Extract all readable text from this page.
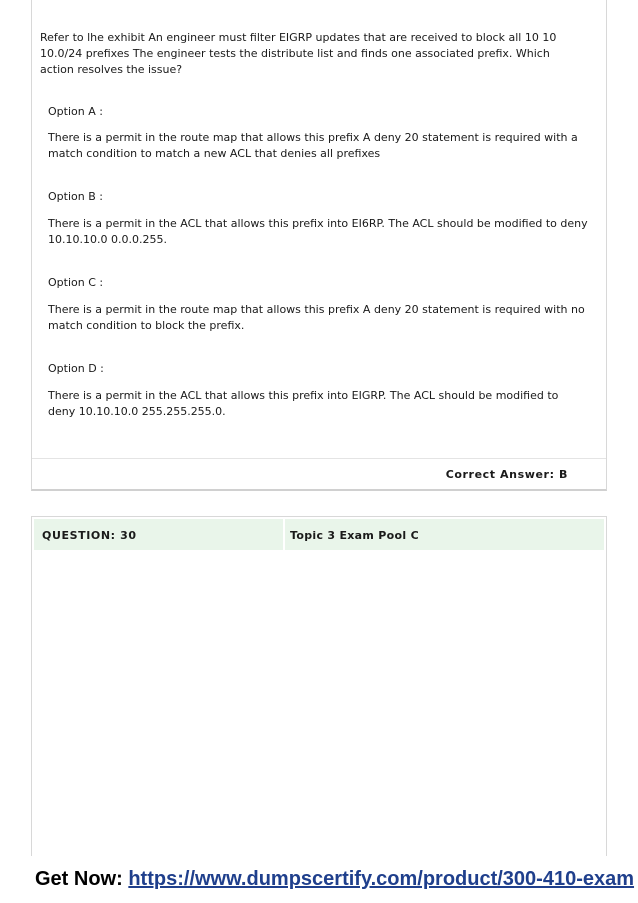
Refer to lhe exhibit An engineer must filter EIGRP updates that are received to block all 10 10 10.0/24 prefixes The engineer tests the distribute list and finds one associated prefix. Which action resolves the issue?

Option A :

There is a permit in the route map that allows this prefix A deny 20 statement is required with a match condition to match a new ACL that denies all prefixes

Option B :

There is a permit in the ACL that allows this prefix into EI6RP. The ACL should be modified to deny 10.10.10.0 0.0.0.255.

Option C :

There is a permit in the route map that allows this prefix A deny 20 statement is required with no match condition to block the prefix.

Option D :

There is a permit in the ACL that allows this prefix into EIGRP. The ACL should be modified to deny 10.10.10.0 255.255.255.0.

Correct Answer: B
QUESTION: 30	Topic 3 Exam Pool C
Get Now: https://www.dumpscertify.com/product/300-410-exam
